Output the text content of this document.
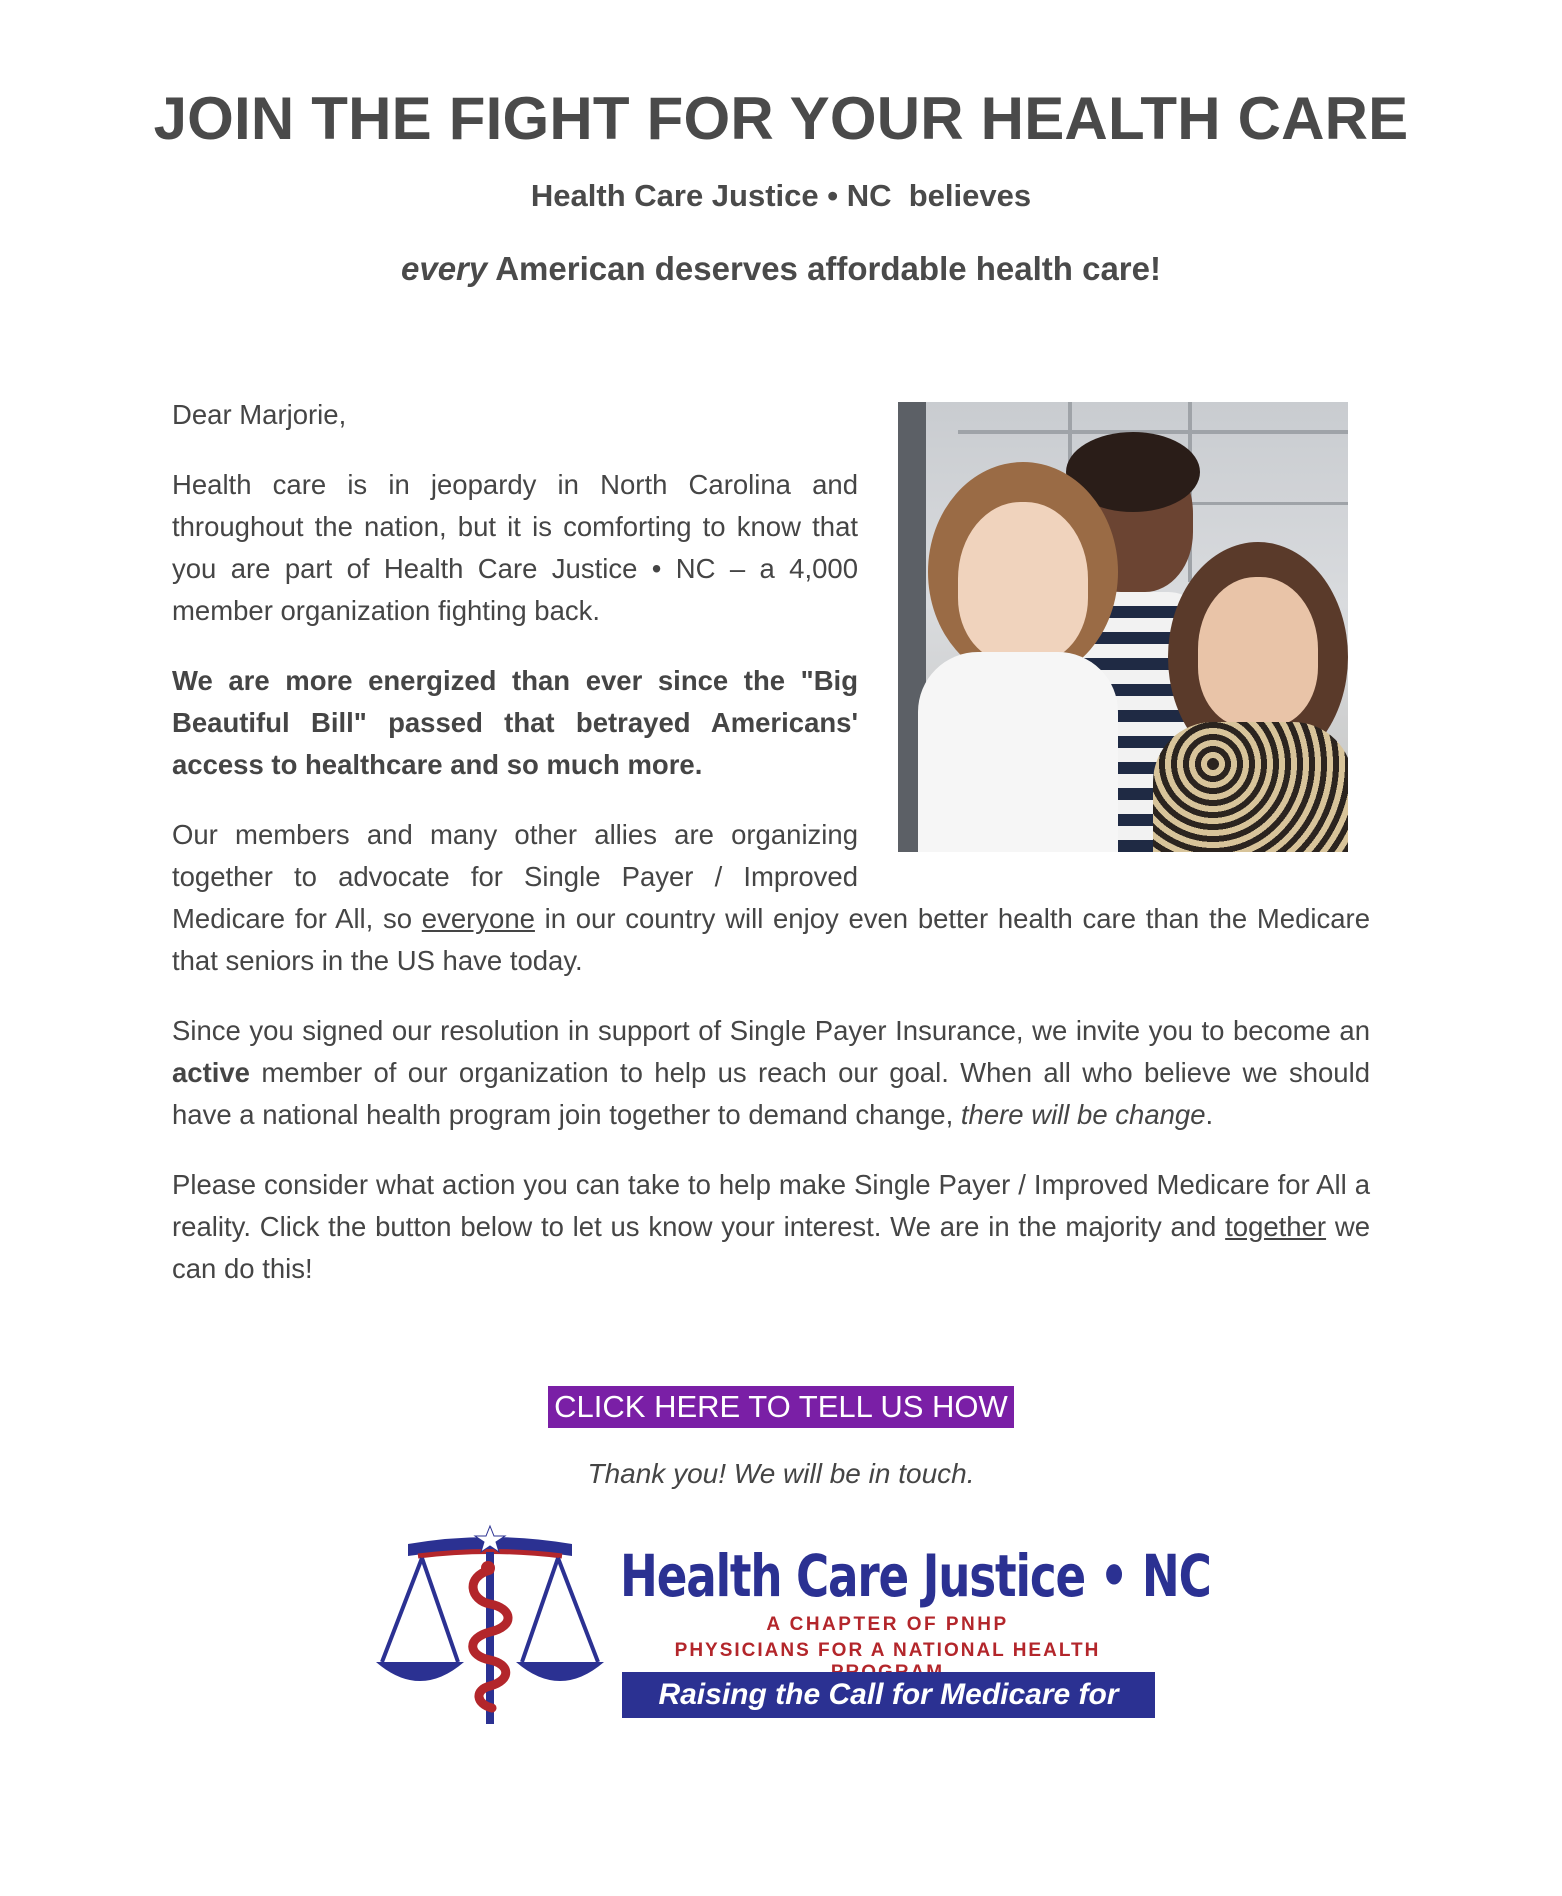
JOIN THE FIGHT FOR YOUR HEALTH CARE
Health Care Justice • NC  believes
every American deserves affordable health care!

Dear Marjorie,

Health care is in jeopardy in North Carolina and throughout the nation, but it is comforting to know that you are part of Health Care Justice • NC – a 4,000 member organization fighting back.

We are more energized than ever since the "Big Beautiful Bill" passed that betrayed Americans' access to healthcare and so much more.

Our members and many other allies are organizing together to advocate for Single Payer / Improved Medicare for All, so everyone in our country will enjoy even better health care than the Medicare that seniors in the US have today.

Since you signed our resolution in support of Single Payer Insurance, we invite you to become an active member of our organization to help us reach our goal. When all who believe we should have a national health program join together to demand change, there will be change.

Please consider what action you can take to help make Single Payer / Improved Medicare for All a reality. Click the button below to let us know your interest. We are in the majority and together we can do this!

CLICK HERE TO TELL US HOW
Thank you! We will be in touch.
Health Care Justice • NC
A CHAPTER OF PNHP
PHYSICIANS FOR A NATIONAL HEALTH
Raising the Call for Medicare for ALL!
